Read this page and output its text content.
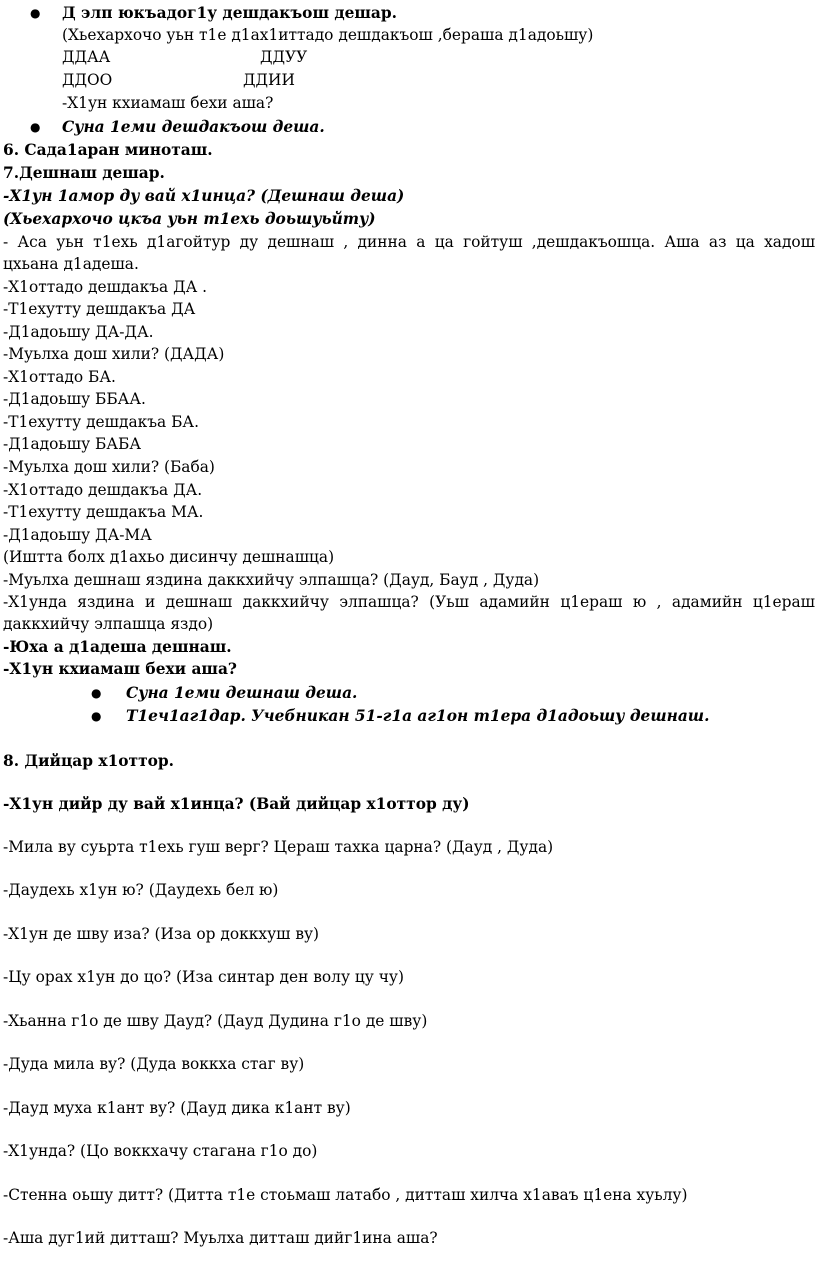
● Д элп юкъадог1у дешдакъош дешар.
(Хьехархочо уьн т1е д1ах1иттадо дешдакъош ,бераша д1адоьшу)
ДДАА	ДДУУ
ДДОО	ДДИИ
-Х1ун кхиамаш бехи аша?
● Суна 1еми дешдакъош деша.
6. Сада1аран миноташ.
7.Дешнаш дешар.
-Х1ун 1амор ду вай х1инца? (Дешнаш деша)
(Хьехархочо цкъа уьн т1ехь доьшуьйту)
- Аса уьн т1ехь д1агойтур ду дешнаш , динна а ца гойтуш ,дешдакъошца. Аша аз ца хадош
цхьана д1адеша.
-Х1оттадо дешдакъа ДА .
-Т1ехутту дешдакъа ДА
-Д1адоьшу ДА-ДА.
-Муьлха дош хили? (ДАДА)
-Х1оттадо БА.
-Д1адоьшу ББАА.
-Т1ехутту дешдакъа БА.
-Д1адоьшу БАБА
-Муьлха дош хили? (Баба)
-Х1оттадо дешдакъа ДА.
-Т1ехутту дешдакъа МА.
-Д1адоьшу ДА-МА
(Иштта болх д1ахьо дисинчу дешнашца)
-Муьлха дешнаш яздина даккхийчу элпашца? (Дауд, Бауд , Дуда)
-Х1унда яздина и дешнаш даккхийчу элпашца? (Уьш адамийн ц1ераш ю , адамийн ц1ераш
даккхийчу элпашца яздо)
-Юха а д1адеша дешнаш.
-Х1ун кхиамаш бехи аша?
● Суна 1еми дешнаш деша.
● Т1еч1аг1дар. Учебникан 51-г1а аг1он т1ера д1адоьшу дешнаш.
8. Дийцар х1оттор.
-Х1ун дийр ду вай х1инца? (Вай дийцар х1оттор ду)
-Мила ву суьрта т1ехь гуш верг? Цераш тахка царна? (Дауд , Дуда)
-Даудехь х1ун ю? (Даудехь бел ю)
-Х1ун де шву иза? (Иза ор доккхуш ву)
-Цу орах х1ун до цо? (Иза синтар ден волу цу чу)
-Хьанна г1о де шву Дауд? (Дауд Дудина г1о де шву)
-Дуда мила ву? (Дуда воккха стаг ву)
-Дауд муха к1ант ву? (Дауд дика к1ант ву)
-Х1унда? (Цо воккхачу стагана г1о до)
-Стенна оьшу дитт? (Дитта т1е стоьмаш латабо , дитташ хилча х1аваъ ц1ена хуьлу)
-Аша дуг1ий дитташ? Муьлха дитташ дийг1ина аша?
